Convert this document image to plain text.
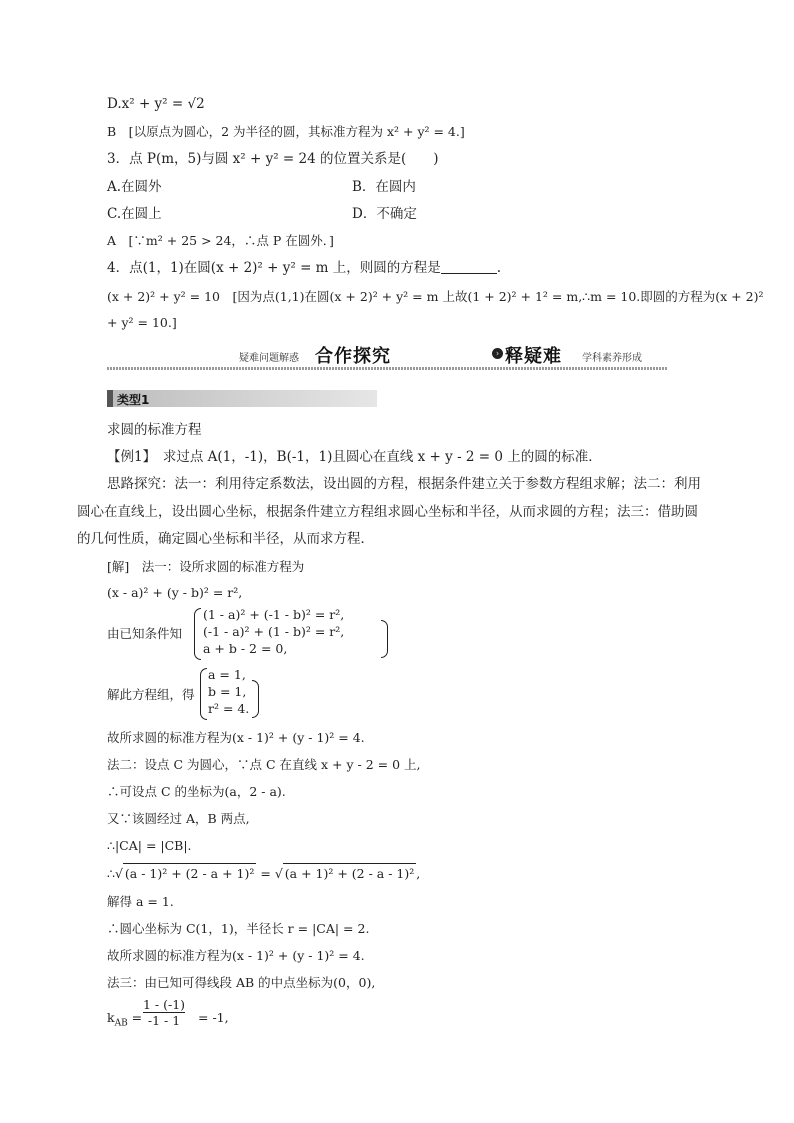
D.x² + y² = √2
B　[以原点为圆心，2 为半径的圆，其标准方程为 x² + y² = 4.]
3．点 P(m，5)与圆 x² + y² = 24 的位置关系是(　　)
A.在圆外	B．在圆内
C.在圆上	D．不确定
A　[∵m² + 25 > 24，∴点 P 在圆外．]
4．点(1，1)在圆(x + 2)² + y² = m 上，则圆的方程是	.
(x + 2)² + y² = 10　[因为点(1,1)在圆(x + 2)² + y² = m 上故(1 + 2)² + 1² = m,∴m = 10.即圆的方程为(x + 2)²
+ y² = 10.]
疑难问题解惑 合作探究	› 释疑难 学科素养形成
类型1
求圆的标准方程
【例1】　求过点 A(1，-1)，B(-1，1)且圆心在直线 x + y - 2 = 0 上的圆的标准．
思路探究：法一：利用待定系数法，设出圆的方程，根据条件建立关于参数方程组求解；法二：利用
圆心在直线上，设出圆心坐标，根据条件建立方程组求圆心坐标和半径，从而求圆的方程；法三：借助圆
的几何性质，确定圆心坐标和半径，从而求方程．
[解]　法一：设所求圆的标准方程为
(x - a)² + (y - b)² = r²,
由已知条件知
(1 - a)² + (-1 - b)² = r²,
(-1 - a)² + (1 - b)² = r²,
a + b - 2 = 0,
解此方程组，得
a = 1,
b = 1,
r² = 4.
故所求圆的标准方程为(x - 1)² + (y - 1)² = 4.
法二：设点 C 为圆心，∵点 C 在直线 x + y - 2 = 0 上,
∴可设点 C 的坐标为(a，2 - a).
又∵该圆经过 A，B 两点,
∴|CA| = |CB|.
∴√ (a - 1)² + (2 - a + 1)² = √ (a + 1)² + (2 - a - 1)² ,
解得 a = 1.
∴圆心坐标为 C(1，1)，半径长 r = |CA| = 2.
故所求圆的标准方程为(x - 1)² + (y - 1)² = 4.
法三：由已知可得线段 AB 的中点坐标为(0，0),
$k_{AB} = \frac{1 - (-1)}{-1 - 1} = -1$,
